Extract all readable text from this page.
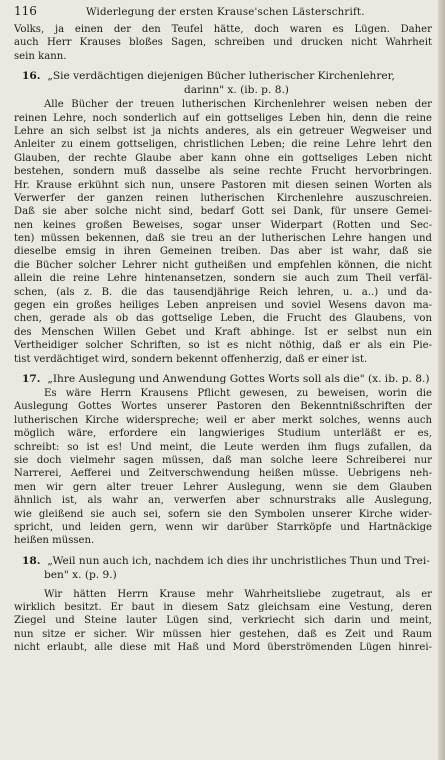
116	Widerlegung der ersten Krause'schen Lästerschrift.
Volks, ja einen der den Teufel hätte, doch waren es Lügen. Daher
auch Herr Krauses bloßes Sagen, schreiben und drucken nicht Wahrheit
sein kann.
16. „Sie verdächtigen diejenigen Bücher lutherischer Kirchenlehrer,
darinn" x. (ib. p. 8.)
Alle Bücher der treuen lutherischen Kirchenlehrer weisen neben der
reinen Lehre, noch sonderlich auf ein gottseliges Leben hin, denn die reine
Lehre an sich selbst ist ja nichts anderes, als ein getreuer Wegweiser und
Anleiter zu einem gottseligen, christlichen Leben; die reine Lehre lehrt den
Glauben, der rechte Glaube aber kann ohne ein gottseliges Leben nicht
bestehen, sondern muß dasselbe als seine rechte Frucht hervorbringen.
Hr. Krause erkühnt sich nun, unsere Pastoren mit diesen seinen Worten als
Verwerfer der ganzen reinen lutherischen Kirchenlehre auszuschreien.
Daß sie aber solche nicht sind, bedarf Gott sei Dank, für unsere Gemei-
nen keines großen Beweises, sogar unser Widerpart (Rotten und Sec-
ten) müssen bekennen, daß sie treu an der lutherischen Lehre hangen und
dieselbe emsig in ihren Gemeinen treiben. Das aber ist wahr, daß sie
die Bücher solcher Lehrer nicht gutheißen und empfehlen können, die nicht
allein die reine Lehre hintenansetzen, sondern sie auch zum Theil verfäl-
schen, (als z. B. die das tausendjährige Reich lehren, u. a..) und da-
gegen ein großes heiliges Leben anpreisen und soviel Wesens davon ma-
chen, gerade als ob das gottselige Leben, die Frucht des Glaubens, von
des Menschen Willen Gebet und Kraft abhinge. Ist er selbst nun ein
Vertheidiger solcher Schriften, so ist es nicht nöthig, daß er als ein Pie-
tist verdächtiget wird, sondern bekennt offenherzig, daß er einer ist.
17. „Ihre Auslegung und Anwendung Gottes Worts soll als die" (x. ib. p. 8.)
Es wäre Herrn Krausens Pflicht gewesen, zu beweisen, worin die
Auslegung Gottes Wortes unserer Pastoren den Bekenntnißschriften der
lutherischen Kirche widerspreche; weil er aber merkt solches, wenns auch
möglich wäre, erfordere ein langwieriges Studium unterläßt er es,
schreibt: so ist es! Und meint, die Leute werden ihm flugs zufallen, da
sie doch vielmehr sagen müssen, daß man solche leere Schreiberei nur
Narrerei, Aefferei und Zeitverschwendung heißen müsse. Uebrigens neh-
men wir gern alter treuer Lehrer Auslegung, wenn sie dem Glauben
ähnlich ist, als wahr an, verwerfen aber schnurstraks alle Auslegung,
wie gleißend sie auch sei, sofern sie den Symbolen unserer Kirche wider-
spricht, und leiden gern, wenn wir darüber Starrköpfe und Hartnäckige
heißen müssen.
18. „Weil nun auch ich, nachdem ich dies ihr unchristliches Thun und Trei-
ben" x. (p. 9.)
Wir hätten Herrn Krause mehr Wahrheitsliebe zugetraut, als er
wirklich besitzt. Er baut in diesem Satz gleichsam eine Vestung, deren
Ziegel und Steine lauter Lügen sind, verkriecht sich darin und meint,
nun sitze er sicher. Wir müssen hier gestehen, daß es Zeit und Raum
nicht erlaubt, alle diese mit Haß und Mord überströmenden Lügen hinrei-
